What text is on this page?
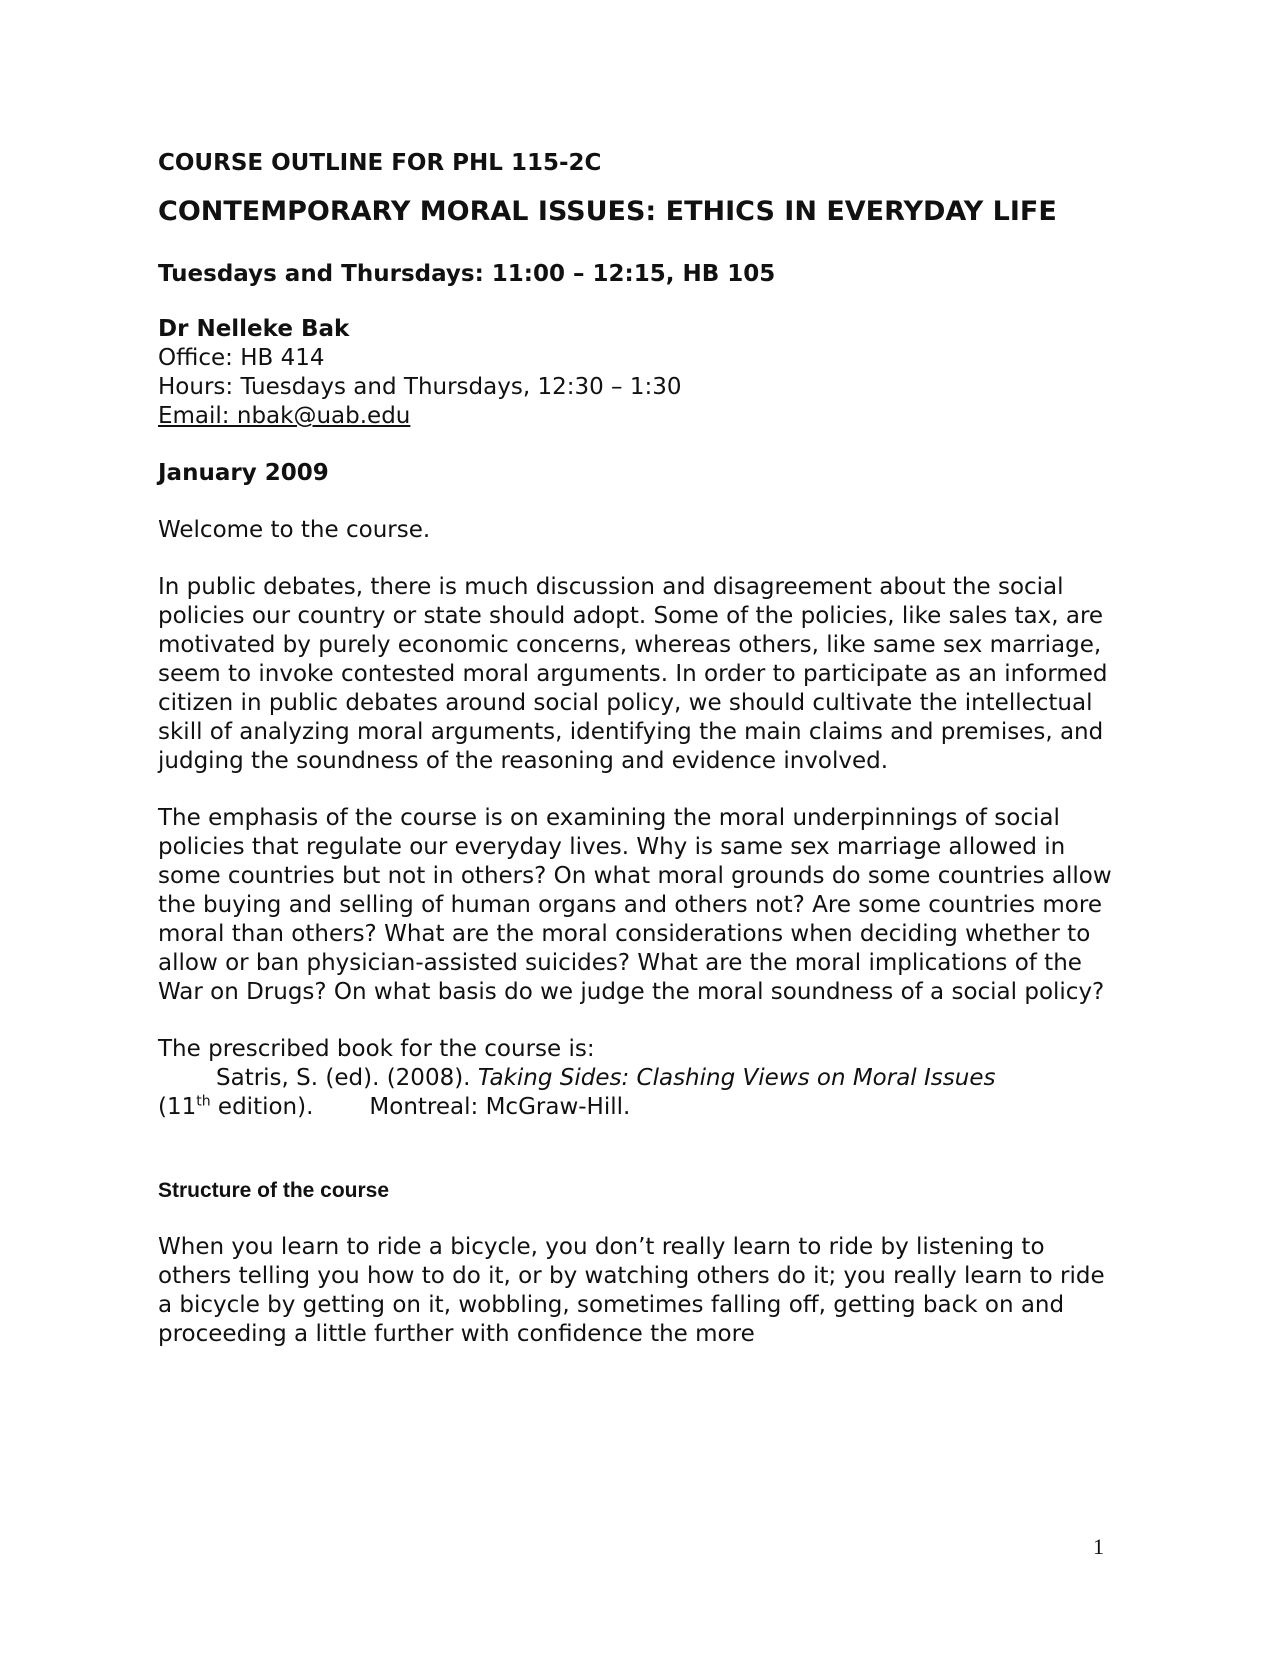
COURSE OUTLINE FOR PHL 115-2C

CONTEMPORARY MORAL ISSUES: ETHICS IN EVERYDAY LIFE

Tuesdays and Thursdays: 11:00 – 12:15, HB 105

Dr Nelleke Bak

Office: HB 414

Hours: Tuesdays and Thursdays, 12:30 – 1:30

Email: nbak@uab.edu

January 2009

Welcome to the course.

In public debates, there is much discussion and disagreement about the social policies our country or state should adopt. Some of the policies, like sales tax, are motivated by purely economic concerns, whereas others, like same sex marriage, seem to invoke contested moral arguments. In order to participate as an informed citizen in public debates around social policy, we should cultivate the intellectual skill of analyzing moral arguments, identifying the main claims and premises, and judging the soundness of the reasoning and evidence involved.

The emphasis of the course is on examining the moral underpinnings of social policies that regulate our everyday lives. Why is same sex marriage allowed in some countries but not in others? On what moral grounds do some countries allow the buying and selling of human organs and others not? Are some countries more moral than others? What are the moral considerations when deciding whether to allow or ban physician-assisted suicides? What are the moral implications of the War on Drugs? On what basis do we judge the moral soundness of a social policy?

The prescribed book for the course is:

Satris, S. (ed). (2008). Taking Sides: Clashing Views on Moral Issues

(11th edition). Montreal: McGraw-Hill.

Structure of the course

When you learn to ride a bicycle, you don’t really learn to ride by listening to others telling you how to do it, or by watching others do it; you really learn to ride a bicycle by getting on it, wobbling, sometimes falling off, getting back on and proceeding a little further with confidence the more

1
